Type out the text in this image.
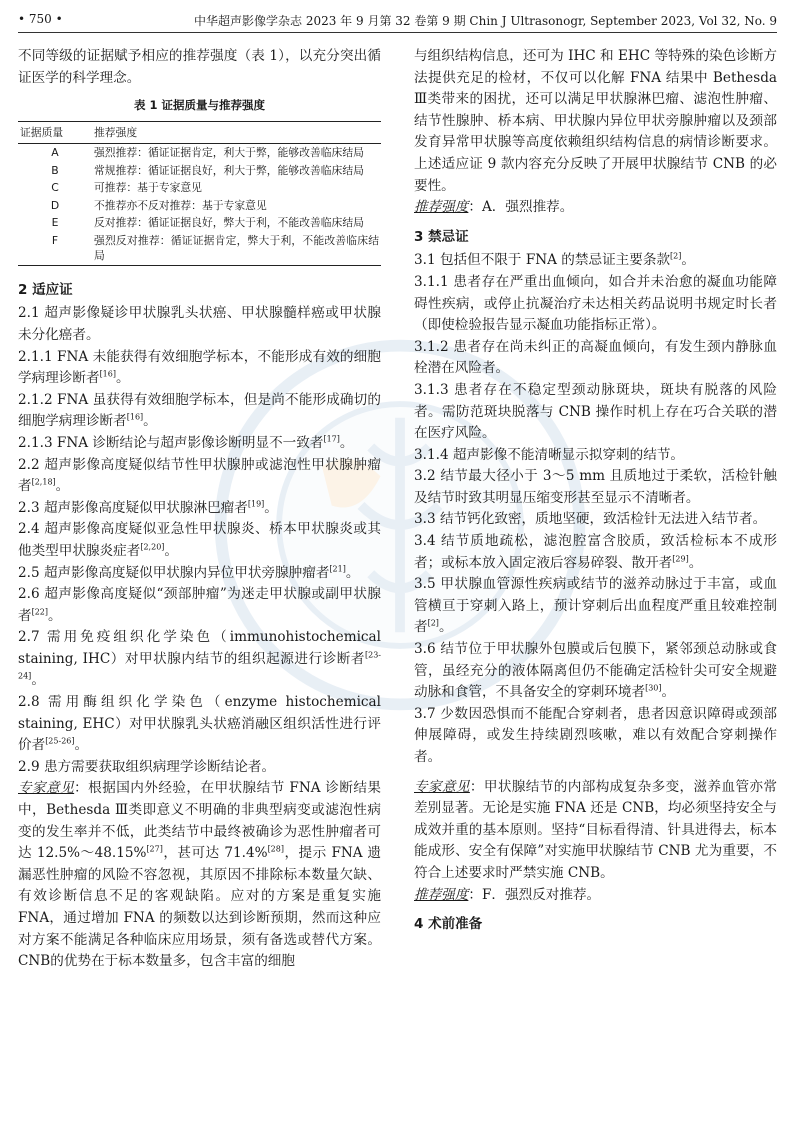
• 750 •	中华超声影像学杂志 2023 年 9 月第 32 卷第 9 期 Chin J Ultrasonogr, September 2023, Vol 32, No. 9

不同等级的证据赋予相应的推荐强度（表 1），以充分突出循证医学的科学理念。

表 1 证据质量与推荐强度
证据质量	推荐强度
A	强烈推荐：循证证据肯定，利大于弊，能够改善临床结局
B	常规推荐：循证证据良好，利大于弊，能够改善临床结局
C	可推荐：基于专家意见
D	不推荐亦不反对推荐：基于专家意见
E	反对推荐：循证证据良好，弊大于利，不能改善临床结局
F	强烈反对推荐：循证证据肯定，弊大于利，不能改善临床结局
2 适应证

2.1 超声影像疑诊甲状腺乳头状癌、甲状腺髓样癌或甲状腺未分化癌者。

2.1.1 FNA 未能获得有效细胞学标本，不能形成有效的细胞学病理诊断者[16]。

2.1.2 FNA 虽获得有效细胞学标本，但是尚不能形成确切的细胞学病理诊断者[16]。

2.1.3 FNA 诊断结论与超声影像诊断明显不一致者[17]。

2.2 超声影像高度疑似结节性甲状腺肿或滤泡性甲状腺肿瘤者[2,18]。

2.3 超声影像高度疑似甲状腺淋巴瘤者[19]。

2.4 超声影像高度疑似亚急性甲状腺炎、桥本甲状腺炎或其他类型甲状腺炎症者[2,20]。

2.5 超声影像高度疑似甲状腺内异位甲状旁腺肿瘤者[21]。

2.6 超声影像高度疑似“颈部肿瘤”为迷走甲状腺或副甲状腺者[22]。

2.7 需用免疫组织化学染色（immunohistochemical staining, IHC）对甲状腺内结节的组织起源进行诊断者[23-24]。

2.8 需用酶组织化学染色（enzyme histochemical staining, EHC）对甲状腺乳头状癌消融区组织活性进行评价者[25-26]。

2.9 患方需要获取组织病理学诊断结论者。

专家意见：根据国内外经验，在甲状腺结节 FNA 诊断结果中，Bethesda Ⅲ类即意义不明确的非典型病变或滤泡性病变的发生率并不低，此类结节中最终被确诊为恶性肿瘤者可达 12.5%～48.15%[27]，甚可达 71.4%[28]，提示 FNA 遗漏恶性肿瘤的风险不容忽视，其原因不排除标本数量欠缺、有效诊断信息不足的客观缺陷。应对的方案是重复实施 FNA，通过增加 FNA 的频数以达到诊断预期，然而这种应对方案不能满足各种临床应用场景，须有备选或替代方案。CNB的优势在于标本数量多，包含丰富的细胞

与组织结构信息，还可为 IHC 和 EHC 等特殊的染色诊断方法提供充足的检材，不仅可以化解 FNA 结果中 Bethesda Ⅲ类带来的困扰，还可以满足甲状腺淋巴瘤、滤泡性肿瘤、结节性腺肿、桥本病、甲状腺内异位甲状旁腺肿瘤以及颈部发育异常甲状腺等高度依赖组织结构信息的病情诊断要求。上述适应证 9 款内容充分反映了开展甲状腺结节 CNB 的必要性。

推荐强度：A．强烈推荐。

3 禁忌证

3.1 包括但不限于 FNA 的禁忌证主要条款[2]。

3.1.1 患者存在严重出血倾向，如合并未治愈的凝血功能障碍性疾病，或停止抗凝治疗未达相关药品说明书规定时长者（即使检验报告显示凝血功能指标正常）。

3.1.2 患者存在尚未纠正的高凝血倾向，有发生颈内静脉血栓潜在风险者。

3.1.3 患者存在不稳定型颈动脉斑块，斑块有脱落的风险者。需防范斑块脱落与 CNB 操作时机上存在巧合关联的潜在医疗风险。

3.1.4 超声影像不能清晰显示拟穿刺的结节。

3.2 结节最大径小于 3～5 mm 且质地过于柔软，活检针触及结节时致其明显压缩变形甚至显示不清晰者。

3.3 结节钙化致密，质地坚硬，致活检针无法进入结节者。

3.4 结节质地疏松，滤泡腔富含胶质，致活检标本不成形者；或标本放入固定液后容易碎裂、散开者[29]。

3.5 甲状腺血管源性疾病或结节的滋养动脉过于丰富，或血管横亘于穿刺入路上，预计穿刺后出血程度严重且较难控制者[2]。

3.6 结节位于甲状腺外包膜或后包膜下，紧邻颈总动脉或食管，虽经充分的液体隔离但仍不能确定活检针尖可安全规避动脉和食管，不具备安全的穿刺环境者[30]。

3.7 少数因恐惧而不能配合穿刺者，患者因意识障碍或颈部伸展障碍，或发生持续剧烈咳嗽，难以有效配合穿刺操作者。

专家意见：甲状腺结节的内部构成复杂多变，滋养血管亦常差别显著。无论是实施 FNA 还是 CNB，均必须坚持安全与成效并重的基本原则。坚持“目标看得清、针具进得去，标本能成形、安全有保障”对实施甲状腺结节 CNB 尤为重要，不符合上述要求时严禁实施 CNB。

推荐强度：F．强烈反对推荐。

4 术前准备
